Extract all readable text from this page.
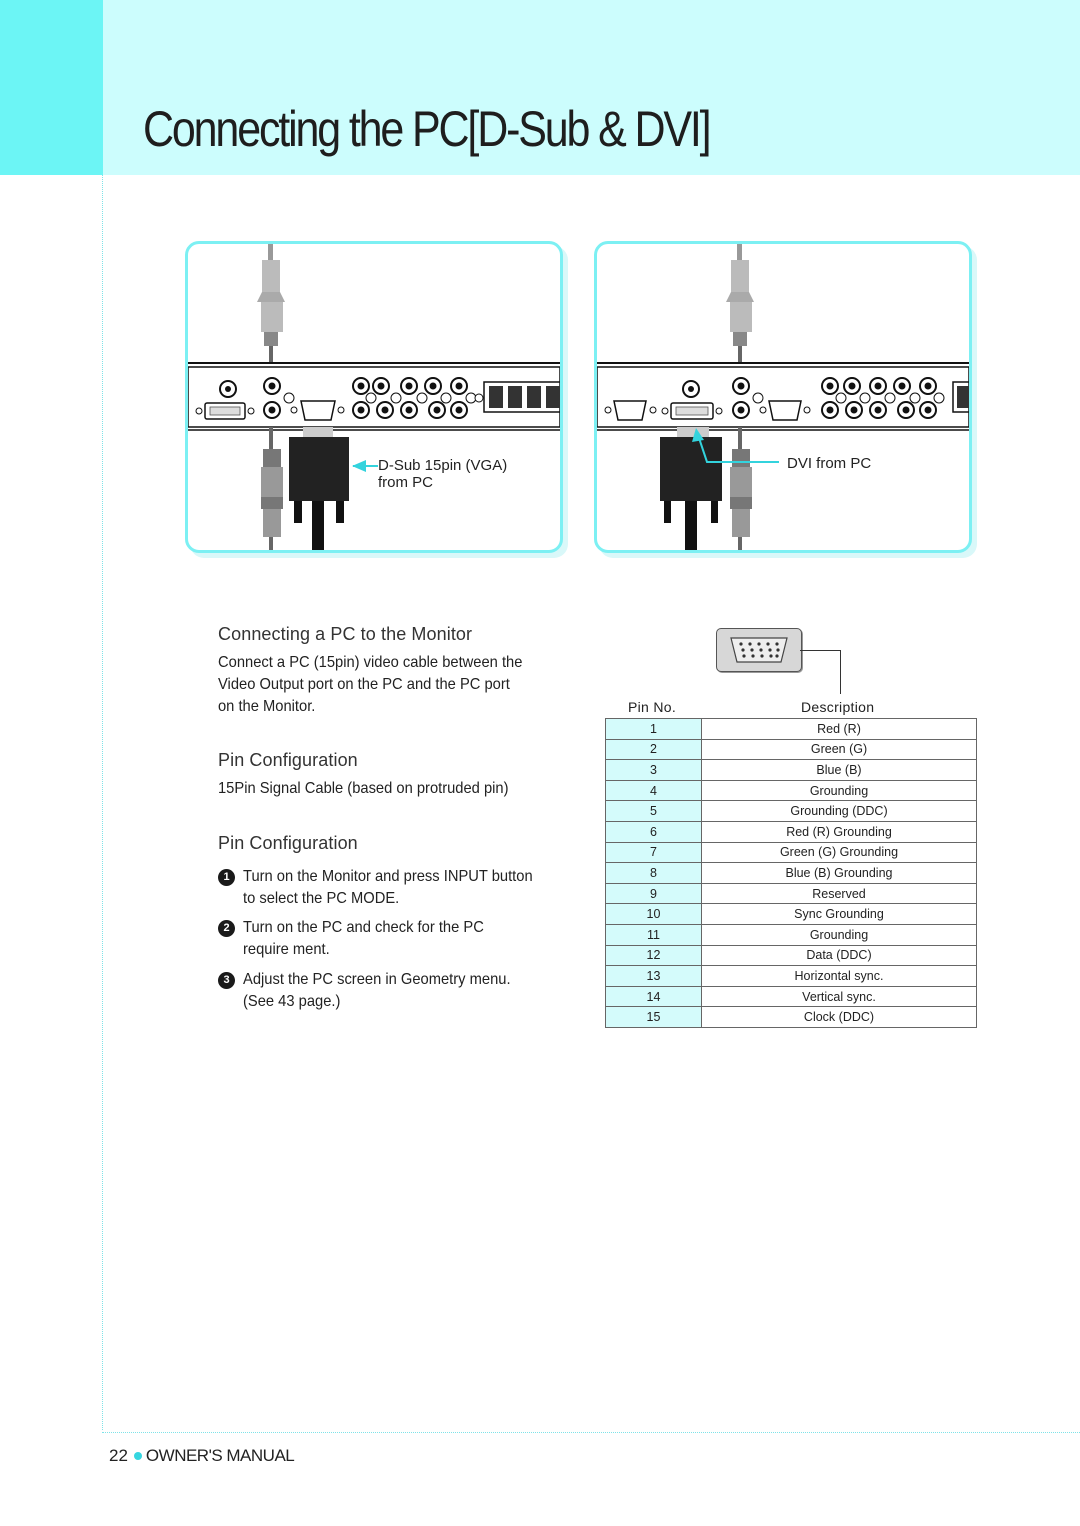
Connecting the PC[D-Sub & DVI]
D-Sub 15pin (VGA)
from PC
DVI from PC
Connecting a PC to the Monitor
Connect a PC (15pin) video cable between the
Video Output port on the PC and the PC port
on the Monitor.
Pin Configuration
15Pin Signal Cable (based on protruded pin)
Pin Configuration
1 Turn on the Monitor and press INPUT button
to select the PC MODE.
2 Turn on the PC and check for the PC
require ment.
3 Adjust the PC screen in Geometry menu.
(See 43 page.)
Pin No.	Description
1	Red (R)
2	Green (G)
3	Blue (B)
4	Grounding
5	Grounding (DDC)
6	Red (R) Grounding
7	Green (G) Grounding
8	Blue (B) Grounding
9	Reserved
10	Sync Grounding
11	Grounding
12	Data (DDC)
13	Horizontal sync.
14	Vertical sync.
15	Clock (DDC)
22 OWNER'S MANUAL
